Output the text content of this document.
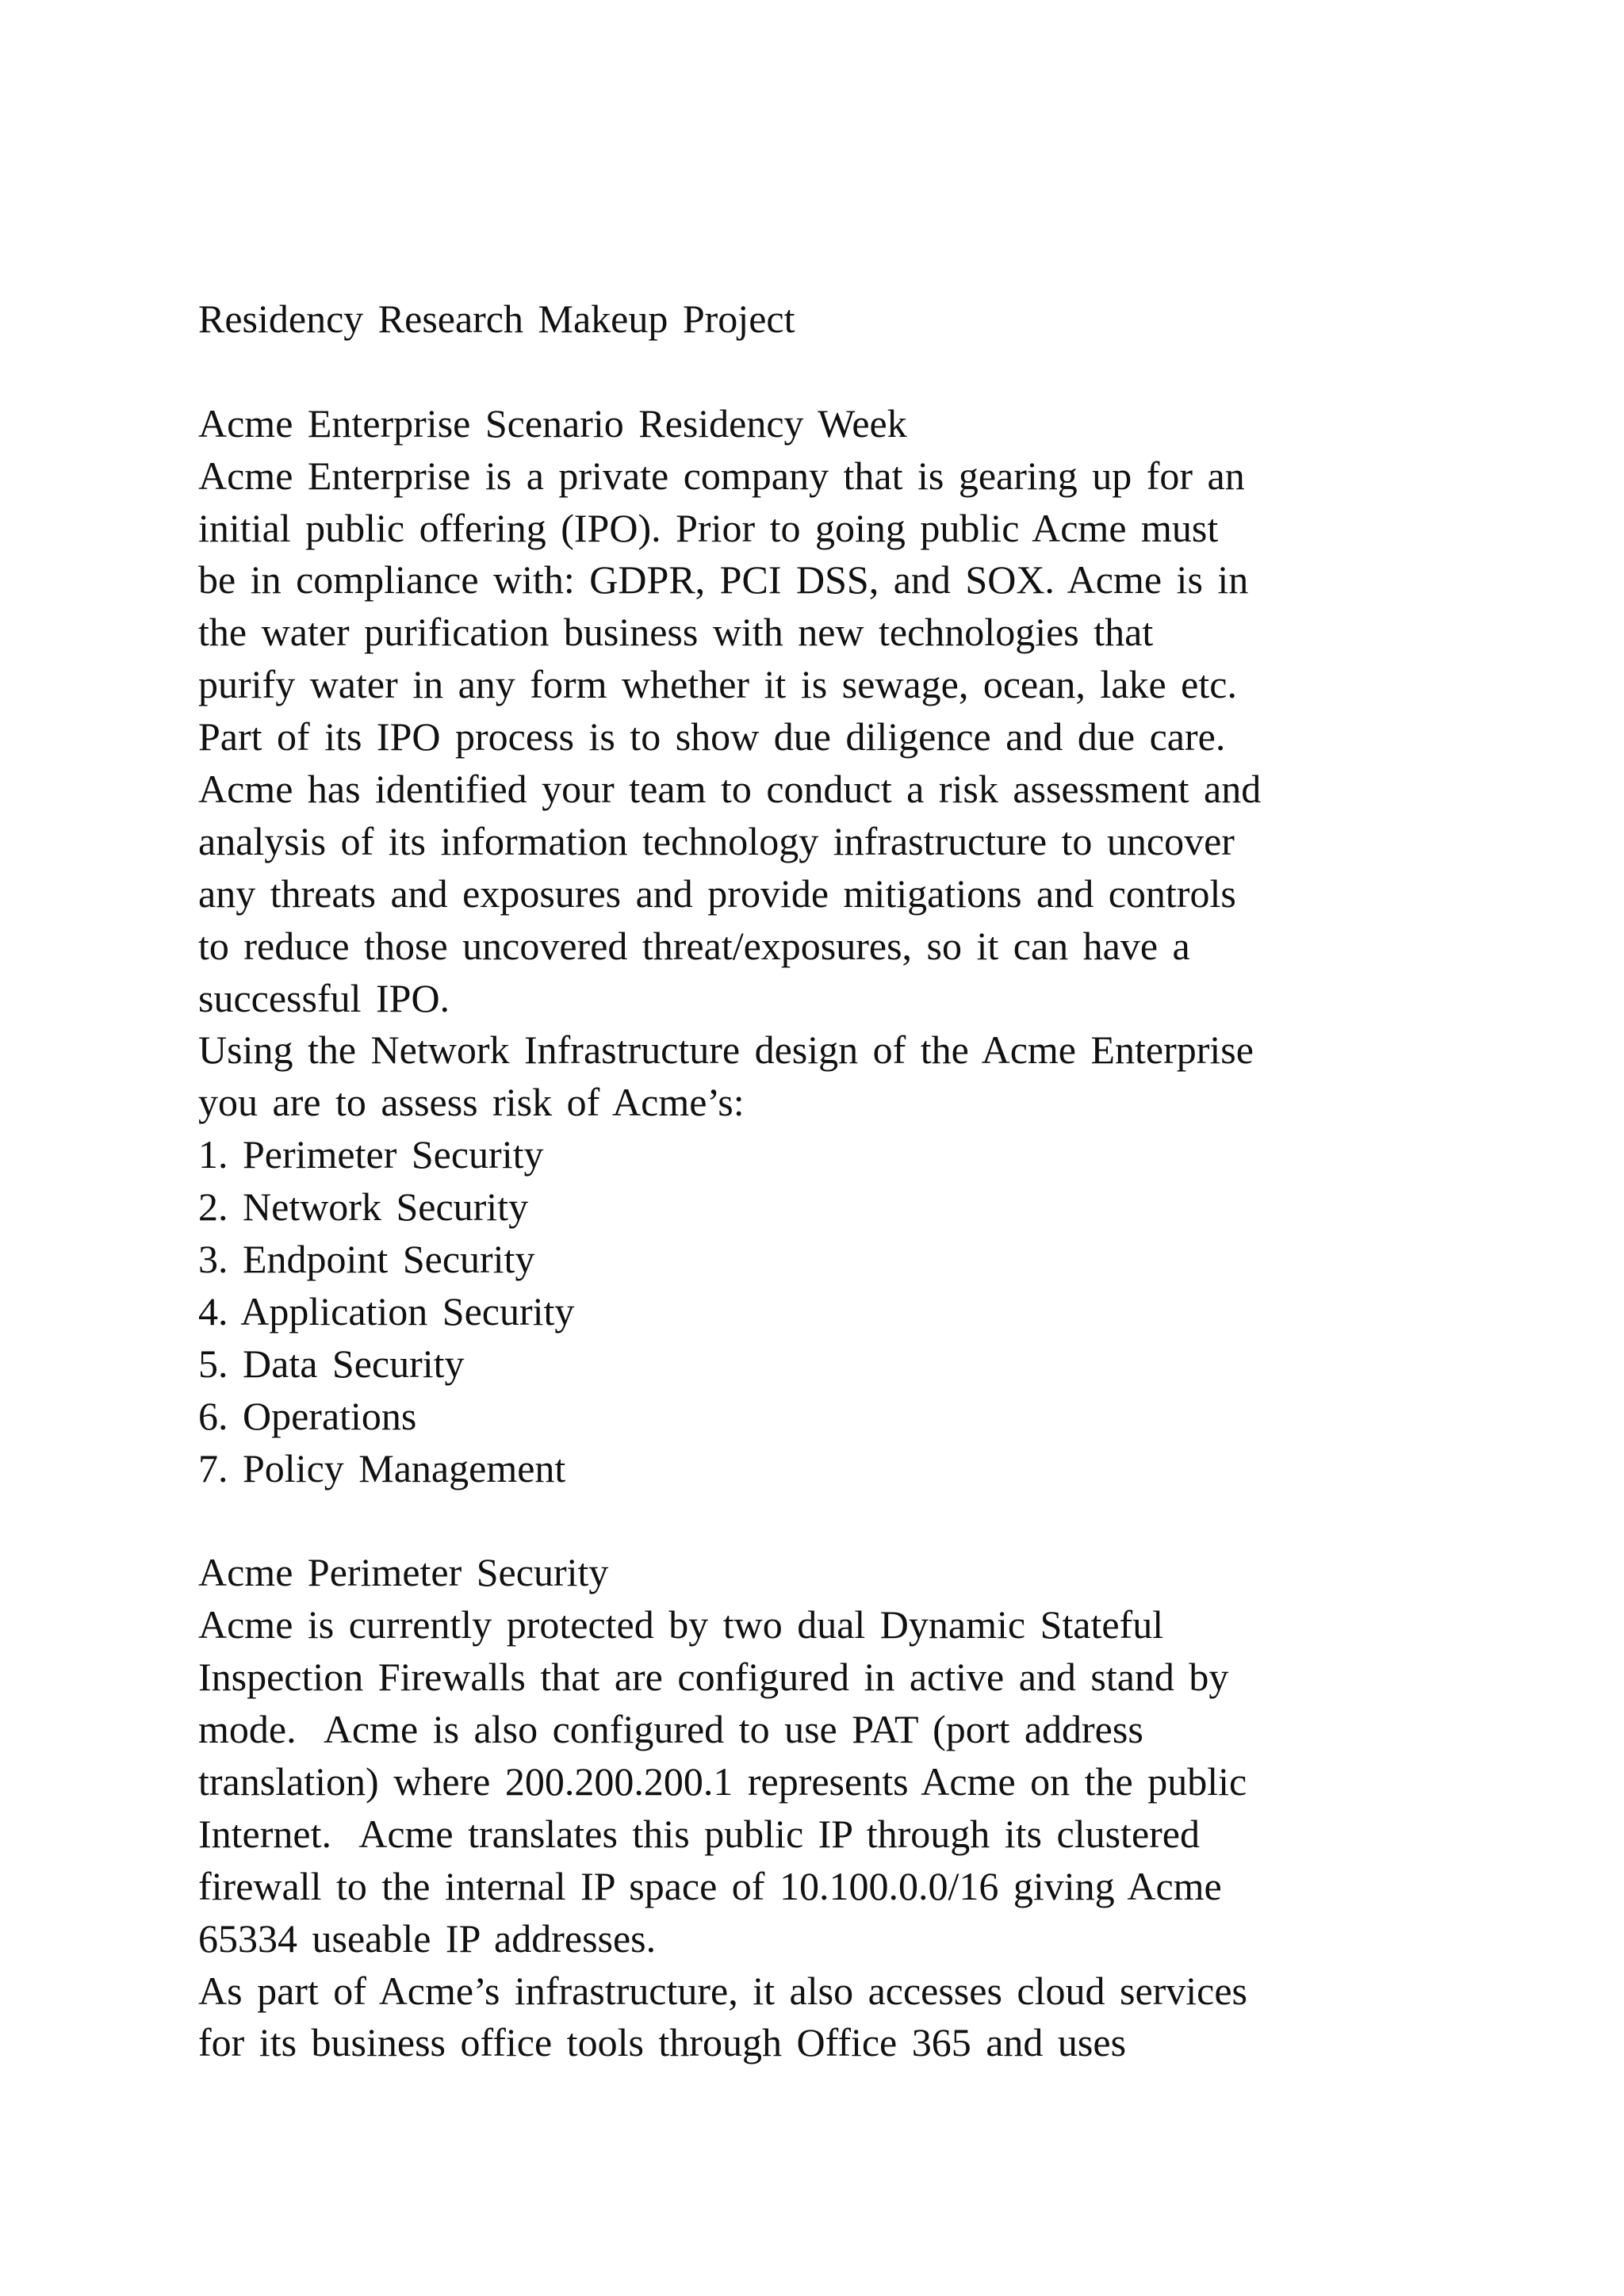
Residency Research Makeup Project
Acme Enterprise Scenario Residency Week
Acme Enterprise is a private company that is gearing up for an
initial public offering (IPO). Prior to going public Acme must
be in compliance with: GDPR, PCI DSS, and SOX. Acme is in
the water purification business with new technologies that
purify water in any form whether it is sewage, ocean, lake etc.
Part of its IPO process is to show due diligence and due care.
Acme has identified your team to conduct a risk assessment and
analysis of its information technology infrastructure to uncover
any threats and exposures and provide mitigations and controls
to reduce those uncovered threat/exposures, so it can have a
successful IPO.
Using the Network Infrastructure design of the Acme Enterprise
you are to assess risk of Acme’s:
1. Perimeter Security
2. Network Security
3. Endpoint Security
4. Application Security
5. Data Security
6. Operations
7. Policy Management
Acme Perimeter Security
Acme is currently protected by two dual Dynamic Stateful
Inspection Firewalls that are configured in active and stand by
mode.  Acme is also configured to use PAT (port address
translation) where 200.200.200.1 represents Acme on the public
Internet.  Acme translates this public IP through its clustered
firewall to the internal IP space of 10.100.0.0/16 giving Acme
65334 useable IP addresses.
As part of Acme’s infrastructure, it also accesses cloud services
for its business office tools through Office 365 and uses
